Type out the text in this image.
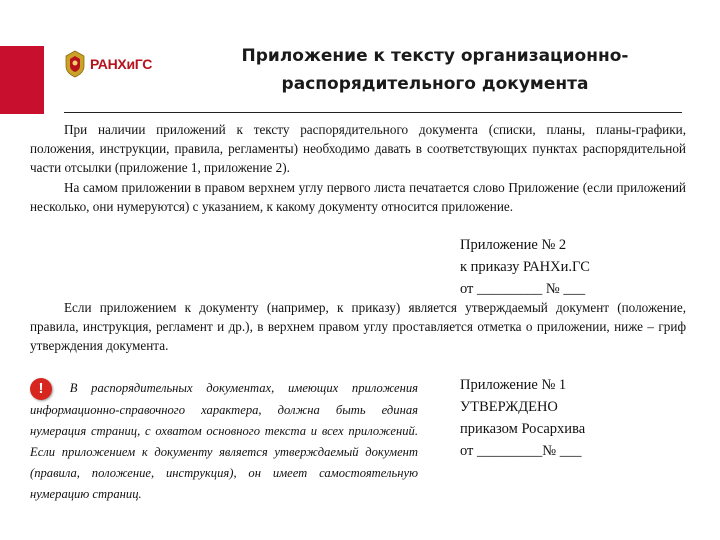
РАНХиГС	Приложение к тексту организационно-распорядительного документа
При наличии приложений к тексту распорядительного документа (списки, планы, планы-графики, положения, инструкции, правила, регламенты) необходимо давать в соответствующих пунктах распорядительной части отсылки (приложение 1, приложение 2).
На самом приложении в правом верхнем углу первого листа печатается слово Приложение (если приложений несколько, они нумеруются) с указанием, к какому документу относится приложение.
Приложение № 2
к приказу РАНХи.ГС
от _________ № ___
Если приложением к документу (например, к приказу) является утверждаемый документ (положение, правила, инструкция, регламент и др.), в верхнем правом углу проставляется отметка о приложении, ниже – гриф утверждения документа.
! В распорядительных документах, имеющих приложения информационно-справочного характера, должна быть единая нумерация страниц, с охватом основного текста и всех приложений. Если приложением к документу является утверждаемый документ (правила, положение, инструкция), он имеет самостоятельную нумерацию страниц.
Приложение № 1
УТВЕРЖДЕНО
приказом Росархива
от _________№ ___
